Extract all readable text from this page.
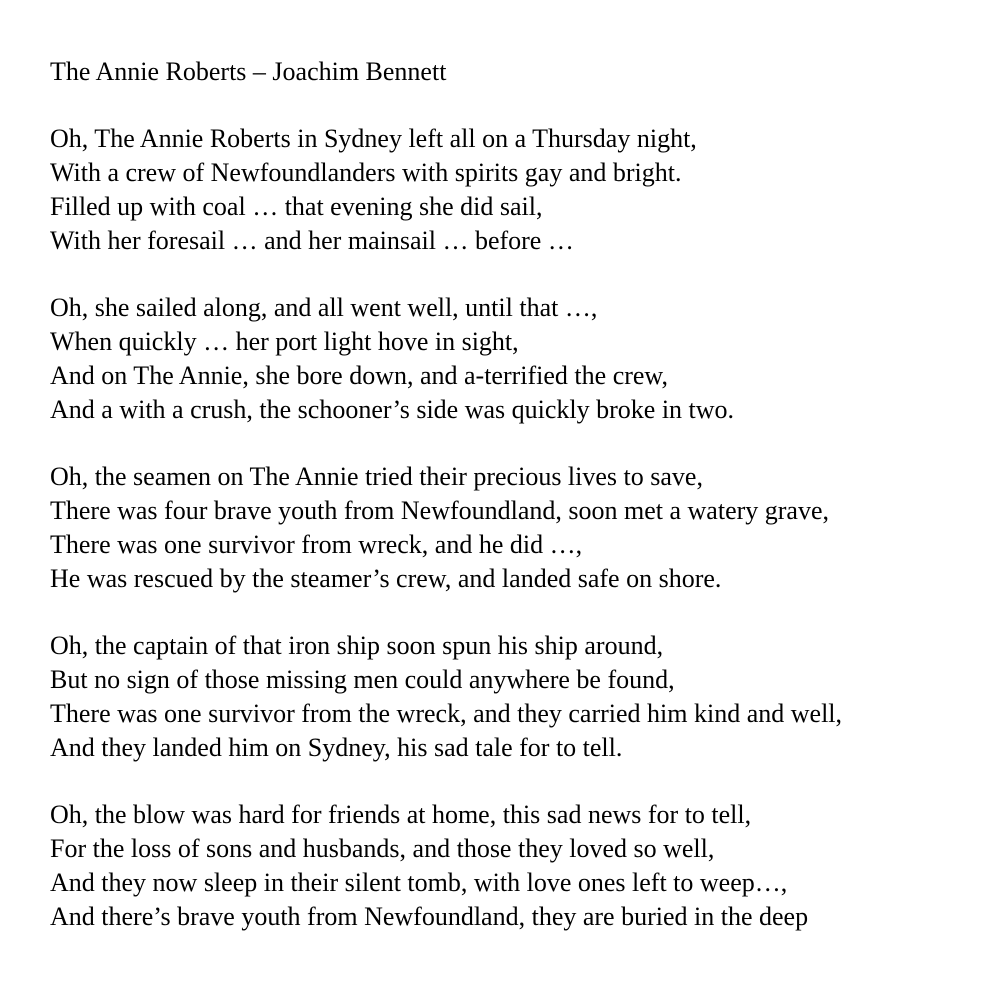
The Annie Roberts – Joachim Bennett
Oh, The Annie Roberts in Sydney left all on a Thursday night,
With a crew of Newfoundlanders with spirits gay and bright.
Filled up with coal … that evening she did sail,
With her foresail … and her mainsail … before …
Oh, she sailed along, and all went well, until that …,
When quickly … her port light hove in sight,
And on The Annie, she bore down, and a-terrified the crew,
And a with a crush, the schooner’s side was quickly broke in two.
Oh, the seamen on The Annie tried their precious lives to save,
There was four brave youth from Newfoundland, soon met a watery grave,
There was one survivor from wreck, and he did …,
He was rescued by the steamer’s crew, and landed safe on shore.
Oh, the captain of that iron ship soon spun his ship around,
But no sign of those missing men could anywhere be found,
There was one survivor from the wreck, and they carried him kind and well,
And they landed him on Sydney, his sad tale for to tell.
Oh, the blow was hard for friends at home, this sad news for to tell,
For the loss of sons and husbands, and those they loved so well,
And they now sleep in their silent tomb, with love ones left to weep…,
And there’s brave youth from Newfoundland, they are buried in the deep
